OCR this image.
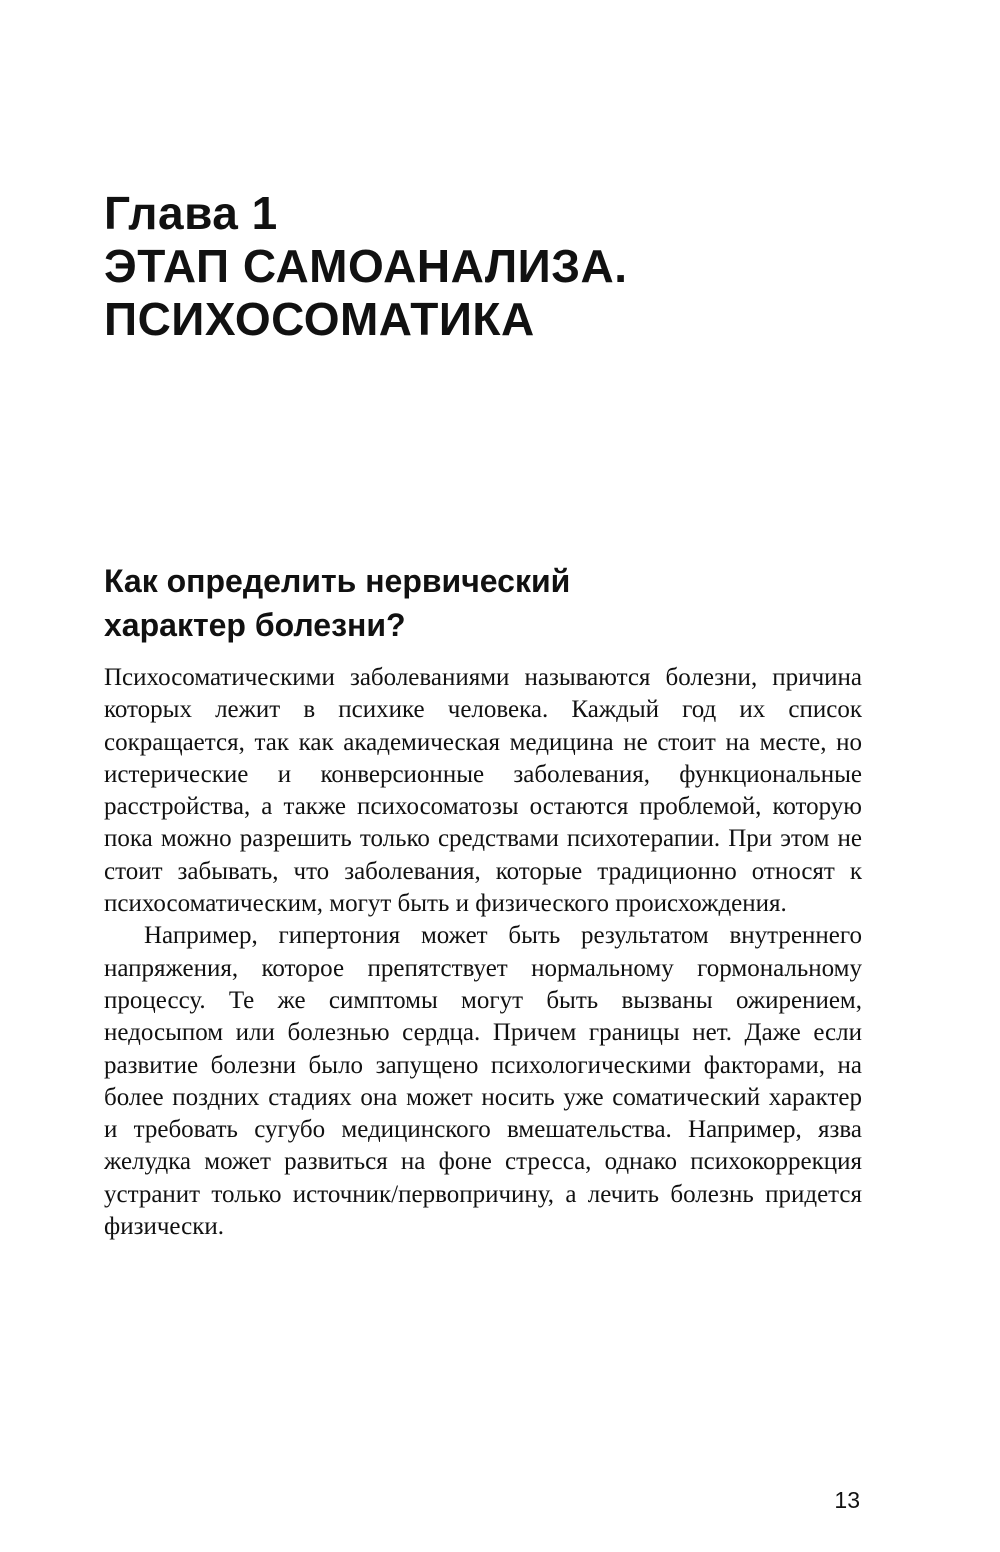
Глава 1
ЭТАП САМОАНАЛИЗА.
ПСИХОСОМАТИКА
Как определить нервический
характер болезни?

Психосоматическими заболеваниями называются болезни, причина которых лежит в психике человека. Каждый год их список сокращается, так как академическая медицина не стоит на месте, но истерические и конверсионные заболевания, функциональные расстройства, а также психосоматозы остаются проблемой, которую пока можно разрешить только средствами психотерапии. При этом не стоит забывать, что заболевания, которые традиционно относят к психосоматическим, могут быть и физического происхождения.

Например, гипертония может быть результатом внутреннего напряжения, которое препятствует нормальному гормональному процессу. Те же симптомы могут быть вызваны ожирением, недосыпом или болезнью сердца. Причем границы нет. Даже если развитие болезни было запущено психологическими факторами, на более поздних стадиях она может носить уже соматический характер и требовать сугубо медицинского вмешательства. Например, язва желудка может развиться на фоне стресса, однако психокоррекция устранит только источник/первопричину, а лечить болезнь придется физически.

13
